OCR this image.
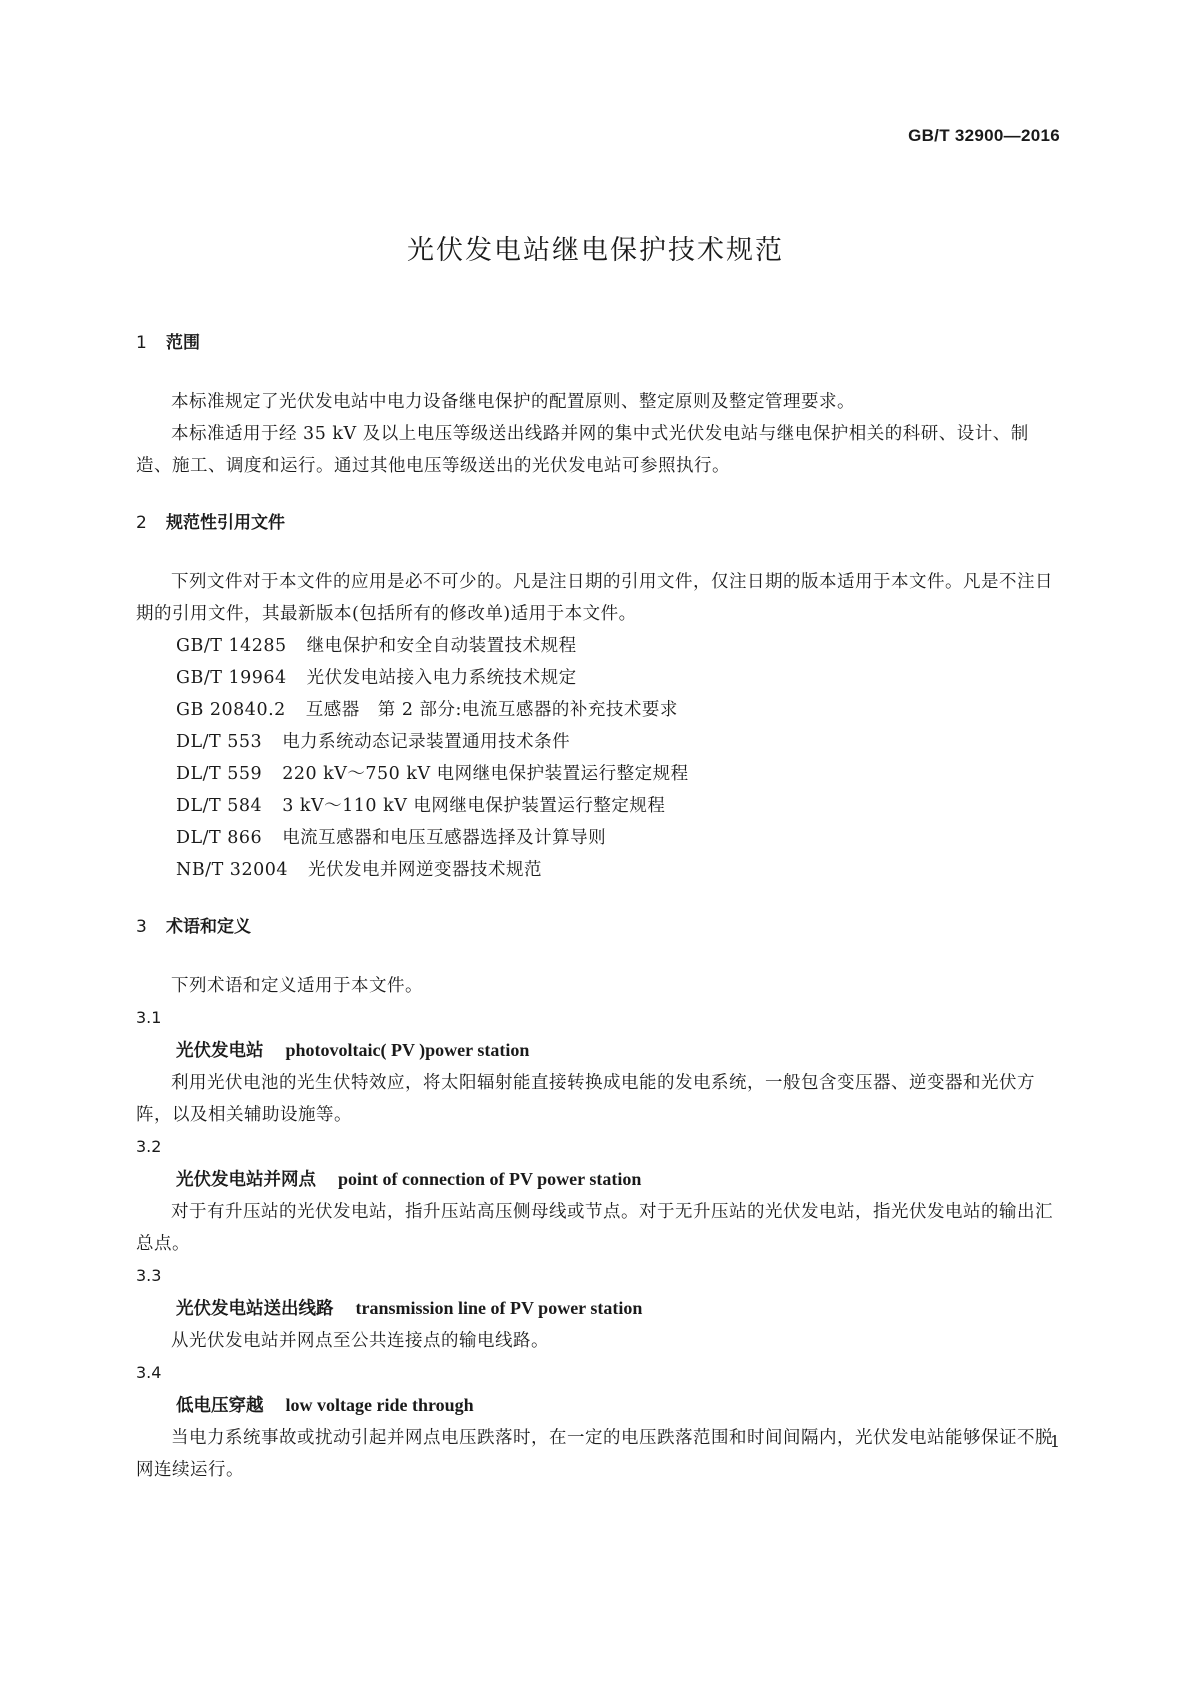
GB/T 32900—2016
光伏发电站继电保护技术规范
1 范围

本标准规定了光伏发电站中电力设备继电保护的配置原则、整定原则及整定管理要求。

本标准适用于经 35 kV 及以上电压等级送出线路并网的集中式光伏发电站与继电保护相关的科研、设计、制造、施工、调度和运行。通过其他电压等级送出的光伏发电站可参照执行。

2 规范性引用文件

下列文件对于本文件的应用是必不可少的。凡是注日期的引用文件，仅注日期的版本适用于本文件。凡是不注日期的引用文件，其最新版本(包括所有的修改单)适用于本文件。

GB/T 14285 继电保护和安全自动装置技术规程
GB/T 19964 光伏发电站接入电力系统技术规定
GB 20840.2 互感器　第 2 部分:电流互感器的补充技术要求
DL/T 553 电力系统动态记录装置通用技术条件
DL/T 559 220 kV～750 kV 电网继电保护装置运行整定规程
DL/T 584 3 kV～110 kV 电网继电保护装置运行整定规程
DL/T 866 电流互感器和电压互感器选择及计算导则
NB/T 32004 光伏发电并网逆变器技术规范
3 术语和定义

下列术语和定义适用于本文件。

3.1
光伏发电站 photovoltaic( PV )power station

利用光伏电池的光生伏特效应，将太阳辐射能直接转换成电能的发电系统，一般包含变压器、逆变器和光伏方阵，以及相关辅助设施等。

3.2
光伏发电站并网点 point of connection of PV power station

对于有升压站的光伏发电站，指升压站高压侧母线或节点。对于无升压站的光伏发电站，指光伏发电站的输出汇总点。

3.3
光伏发电站送出线路 transmission line of PV power station

从光伏发电站并网点至公共连接点的输电线路。

3.4
低电压穿越 low voltage ride through

当电力系统事故或扰动引起并网点电压跌落时，在一定的电压跌落范围和时间间隔内，光伏发电站能够保证不脱网连续运行。

1
